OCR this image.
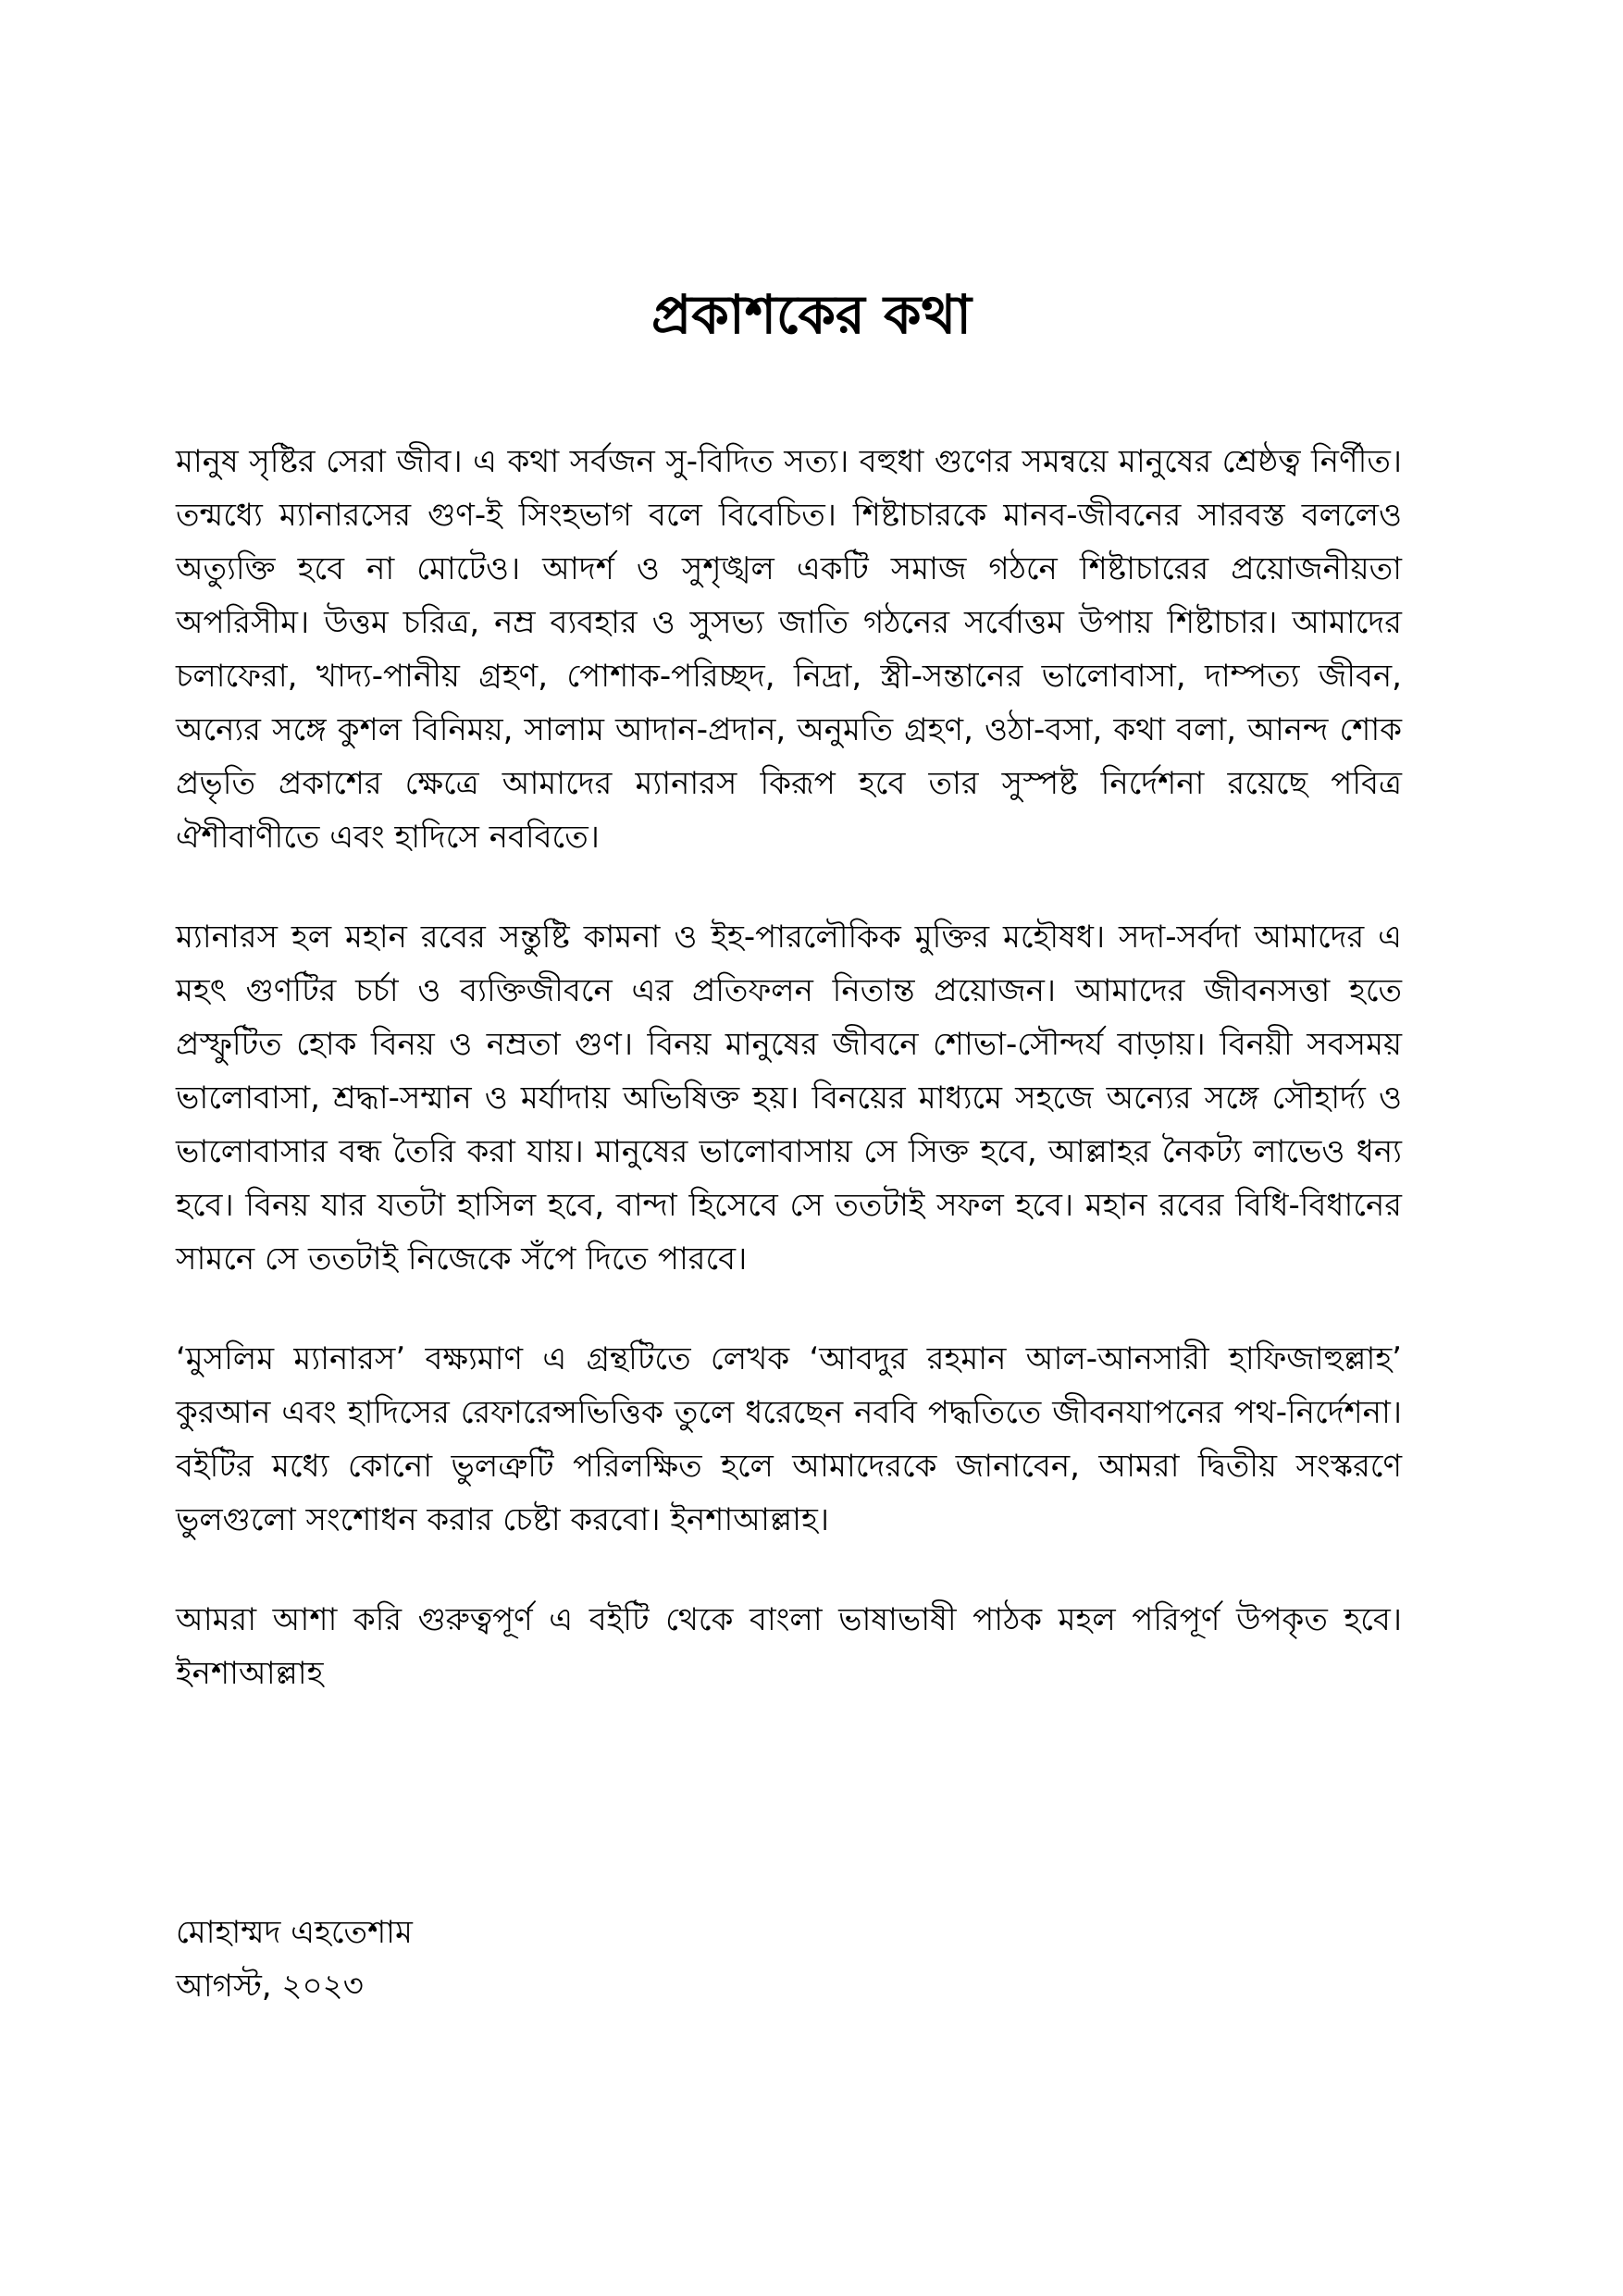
প্রকাশকের কথা

মানুষ সৃষ্টির সেরা জীব। এ কথা সর্বজন সু-বিদিত সত্য। বহুধা গুণের সমন্বয়ে মানুষের শ্রেষ্ঠত্ব নির্ণীত। তন্মধ্যে ম্যানারসের গুণ-ই সিংহভাগ বলে বিবেচিত। শিষ্টাচারকে মানব-জীবনের সারবস্ত বললেও অত্যুক্তি হবে না মোটেও। আদর্শ ও সুশৃঙ্খল একটি সমাজ গঠনে শিষ্টাচারের প্রয়োজনীয়তা অপরিসীম। উত্তম চরিত্র, নম্র ব্যবহার ও সুসভ্য জাতি গঠনের সর্বোত্তম উপায় শিষ্টাচার। আমাদের চলাফেরা, খাদ্য-পানীয় গ্রহণ, পোশাক-পরিচ্ছদ, নিদ্রা, স্ত্রী-সন্তানের ভালোবাসা, দাম্পত্য জীবন, অন্যের সঙ্গে কুশল বিনিময়, সালাম আদান-প্রদান, অনুমতি গ্রহণ, ওঠা-বসা, কথা বলা, আনন্দ শোক প্রভৃতি প্রকাশের ক্ষেত্রে আমাদের ম্যানারস কিরূপ হবে তার সুস্পষ্ট নির্দেশনা রয়েছে পবিত্র ঐশীবাণীতে এবং হাদিসে নববিতে।

ম্যানারস হল মহান রবের সন্তুষ্টি কামনা ও ইহ-পারলৌকিক মুক্তির মহৌষধ। সদা-সর্বদা আমাদের এ মহৎ গুণটির চর্চা ও ব্যক্তিজীবনে এর প্রতিফলন নিতান্ত প্রয়োজন। আমাদের জীবনসত্তা হতে প্রস্ফুটিত হোক বিনয় ও নম্রতা গুণ। বিনয় মানুষের জীবনে শোভা-সৌন্দর্য বাড়ায়। বিনয়ী সবসময় ভালোবাসা, শ্রদ্ধা-সম্মান ও মর্যাদায় অভিষিক্ত হয়। বিনয়ের মাধ্যমে সহজে অন্যের সঙ্গে সৌহার্দ্য ও ভালোবাসার বন্ধ তৈরি করা যায়। মানুষের ভালোবাসায় সে সিক্ত হবে, আল্লাহর নৈকট্য লাভেও ধন্য হবে। বিনয় যার যতটা হাসিল হবে, বান্দা হিসেবে সে ততটাই সফল হবে। মহান রবের বিধি-বিধানের সামনে সে ততটাই নিজেকে সঁপে দিতে পারবে।

‘মুসলিম ম্যানারস’ বক্ষ্যমাণ এ গ্রন্থটিতে লেখক ‘আবদুর রহমান আল-আনসারী হাফিজাহুল্লাহ’ কুরআন এবং হাদিসের রেফারেন্সভিত্তিক তুলে ধরেছেন নববি পদ্ধতিতে জীবনযাপনের পথ-নির্দেশনা। বইটির মধ্যে কোনো ভুলত্রুটি পরিলক্ষিত হলে আমাদেরকে জানাবেন, আমরা দ্বিতীয় সংস্করণে ভুলগুলো সংশোধন করার চেষ্টা করবো। ইনশাআল্লাহ।

আমরা আশা করি গুরুত্বপূর্ণ এ বইটি থেকে বাংলা ভাষাভাষী পাঠক মহল পরিপূর্ণ উপকৃত হবে। ইনশাআল্লাহ

মোহাম্মদ এহতেশাম
আগস্ট, ২০২৩
